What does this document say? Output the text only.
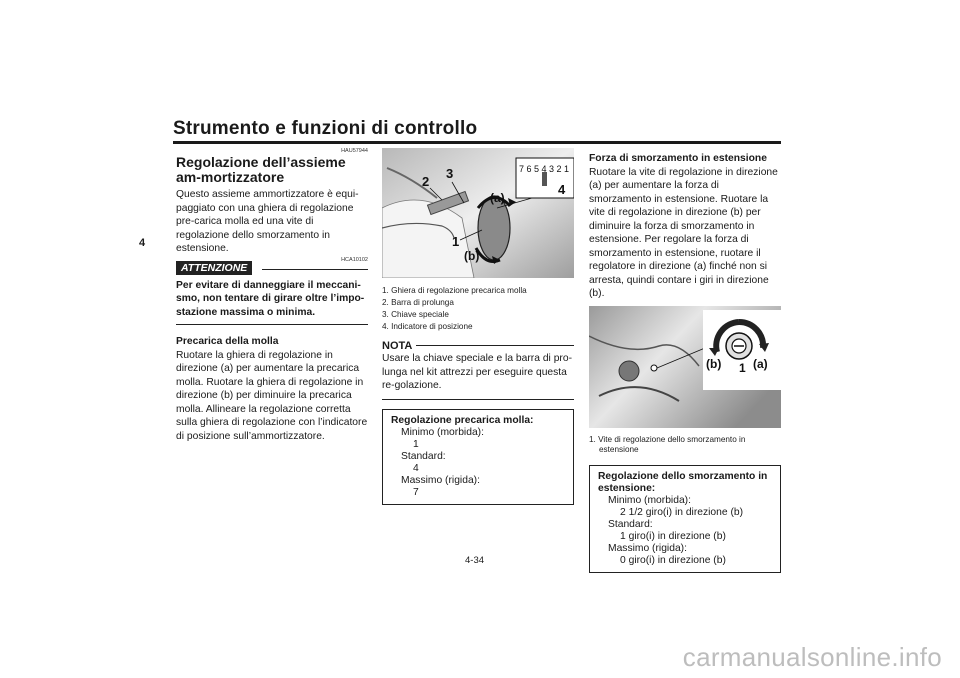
Strumento e funzioni di controllo
4
HAU57944
Regolazione dell’assieme am-mortizzatore
Questo assieme ammortizzatore è equi-paggiato con una ghiera di regolazione pre-carica molla ed una vite di regolazione dello smorzamento in estensione.
ATTENZIONE
HCA10102
Per evitare di danneggiare il meccani-smo, non tentare di girare oltre l’impo-stazione massima o minima.
Precarica della molla
Ruotare la ghiera di regolazione in direzione (a) per aumentare la precarica molla. Ruotare la ghiera di regolazione in direzione (b) per diminuire la precarica molla. Allineare la regolazione corretta sulla ghiera di regolazione con l’indicatore di posizione sull’ammortizzatore.
7 6 5 4 3 2 1
3
2
4
(a)
1
(b)
1. Ghiera di regolazione precarica molla
2. Barra di prolunga
3. Chiave speciale
4. Indicatore di posizione
NOTA
Usare la chiave speciale e la barra di pro-lunga nel kit attrezzi per eseguire questa re-golazione.
Regolazione precarica molla:
Minimo (morbida):
1
Standard:
4
Massimo (rigida):
7
Forza di smorzamento in estensione
Ruotare la vite di regolazione in direzione (a) per aumentare la forza di smorzamento in estensione. Ruotare la vite di regolazione in direzione (b) per diminuire la forza di smorzamento in estensione. Per regolare la forza di smorzamento in estensione, ruotare il regolatore in direzione (a) finché non si arresta, quindi contare i giri in direzione (b).
(b) 1 (a)
1. Vite di regolazione dello smorzamento in estensione
Regolazione dello smorzamento in estensione:
Minimo (morbida):
2 1/2 giro(i) in direzione (b)
Standard:
1 giro(i) in direzione (b)
Massimo (rigida):
0 giro(i) in direzione (b)
4-34
carmanualsonline.info
